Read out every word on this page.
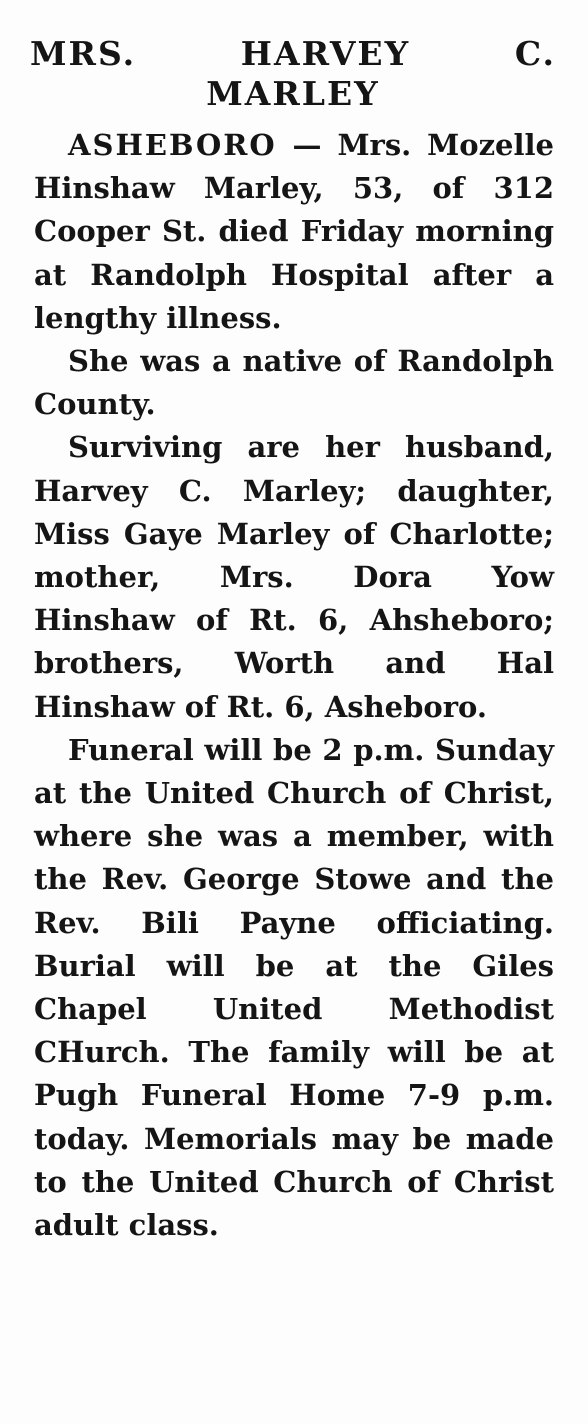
MRS.	HARVEY	C.
MARLEY

ASHEBORO — Mrs. Mozelle Hinshaw Marley, 53, of 312 Cooper St. died Friday morning at Randolph Hospital after a lengthy illness.

She was a native of Randolph County.

Surviving are her husband, Harvey C. Marley; daughter, Miss Gaye Marley of Charlotte; mother, Mrs. Dora Yow Hinshaw of Rt. 6, Ahsheboro; brothers, Worth and Hal Hinshaw of Rt. 6, Asheboro.

Funeral will be 2 p.m. Sunday at the United Church of Christ, where she was a member, with the Rev. George Stowe and the Rev. Bili Payne officiating. Burial will be at the Giles Chapel United Methodist CHurch. The family will be at Pugh Funeral Home 7-9 p.m. today. Memorials may be made to the United Church of Christ adult class.
